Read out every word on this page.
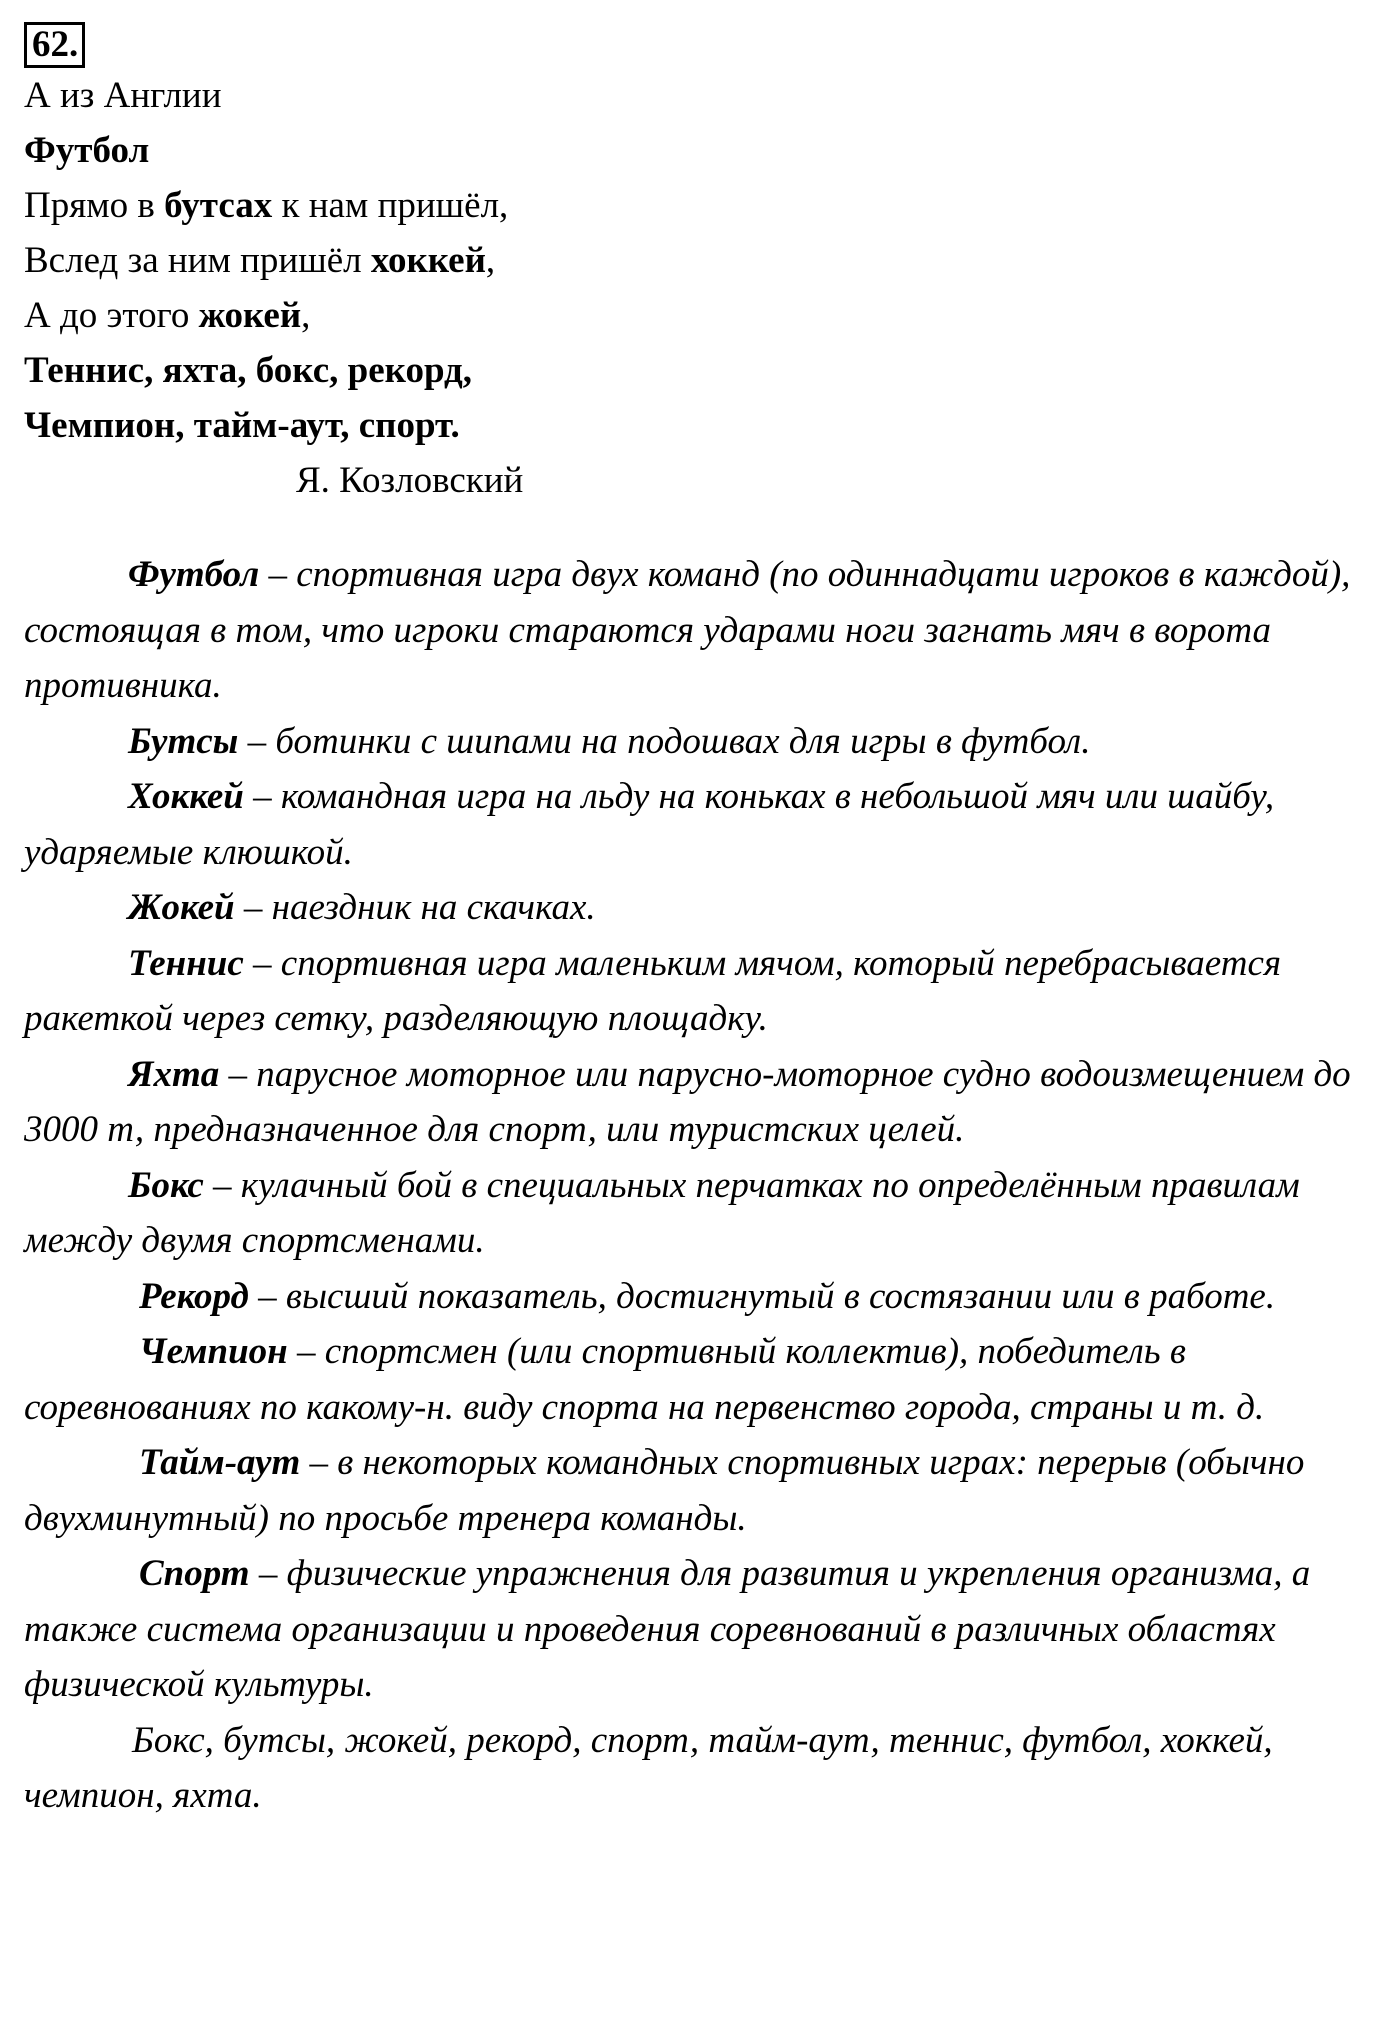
62.
А из Англии
Футбол
Прямо в бутсах к нам пришёл,
Вслед за ним пришёл хоккей,
А до этого жокей,
Теннис, яхта, бокс, рекорд,
Чемпион, тайм-аут, спорт.
Я. Козловский

Футбол – спортивная игра двух команд (по одиннадцати игроков в каждой), состоящая в том, что игроки стараются ударами ноги загнать мяч в ворота противника.

Бутсы – ботинки с шипами на подошвах для игры в футбол.

Хоккей – командная игра на льду на коньках в небольшой мяч или шайбу, ударяемые клюшкой.

Жокей – наездник на скачках.

Теннис – спортивная игра маленьким мячом, который перебрасывается ракеткой через сетку, разделяющую площадку.

Яхта – парусное моторное или парусно-моторное судно водоизмещением до 3000 т, предназначенное для спорт, или туристских целей.

Бокс – кулачный бой в специальных перчатках по определённым правилам между двумя спортсменами.

Рекорд – высший показатель, достигнутый в состязании или в работе.

Чемпион – спортсмен (или спортивный коллектив), победитель в соревнованиях по какому-н. виду спорта на первенство города, страны и т. д.

Тайм-аут – в некоторых командных спортивных играх: перерыв (обычно двухминутный) по просьбе тренера команды.

Спорт – физические упражнения для развития и укрепления организма, а также система организации и проведения соревнований в различных областях физической культуры.

Бокс, бутсы, жокей, рекорд, спорт, тайм-аут, теннис, футбол, хоккей, чемпион, яхта.
